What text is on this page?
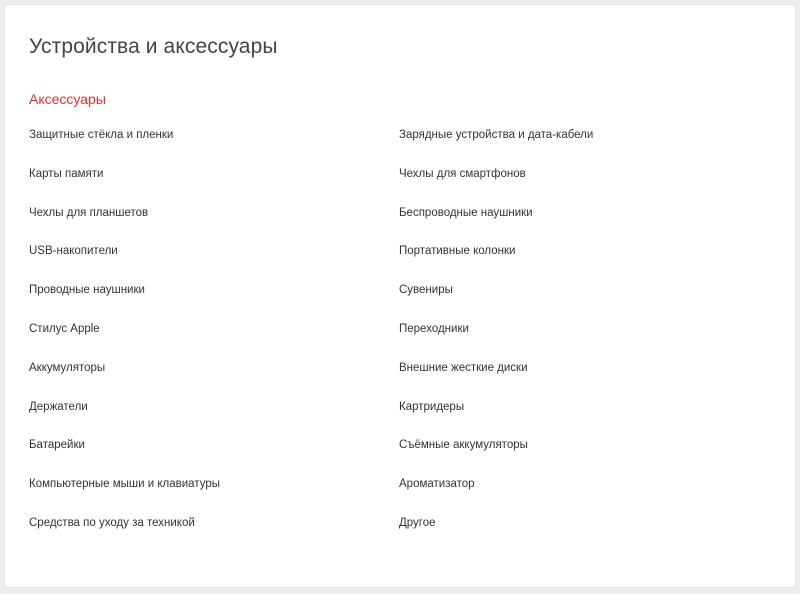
Устройства и аксессуары
Аксессуары
Защитные стёкла и пленки
Карты памяти
Чехлы для планшетов
USB-накопители
Проводные наушники
Стилус Apple
Аккумуляторы
Держатели
Батарейки
Компьютерные мыши и клавиатуры
Средства по уходу за техникой
Зарядные устройства и дата-кабели
Чехлы для смартфонов
Беспроводные наушники
Портативные колонки
Сувениры
Переходники
Внешние жесткие диски
Картридеры
Съёмные аккумуляторы
Ароматизатор
Другое
